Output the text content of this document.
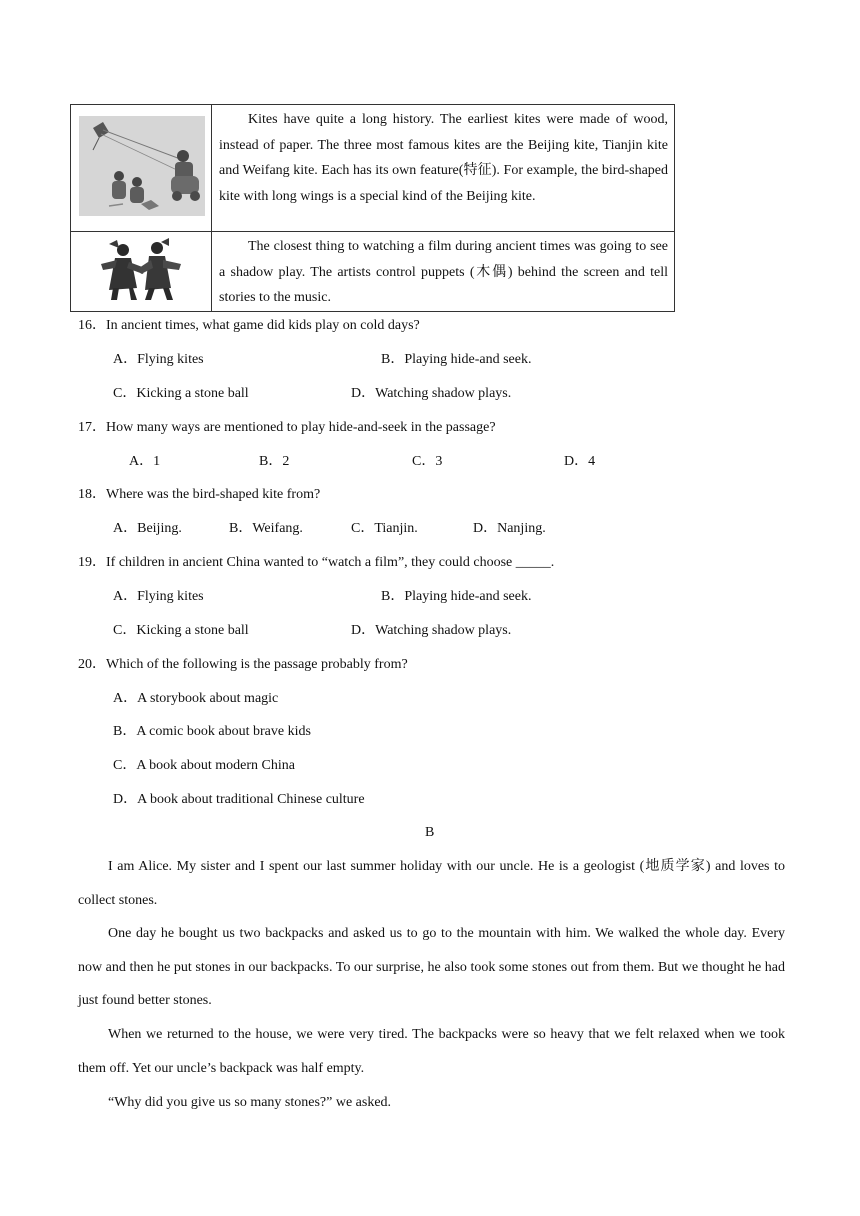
Kites have quite a long history. The earliest kites were made of wood, instead of paper. The three most famous kites are the Beijing kite, Tianjin kite and Weifang kite. Each has its own feature(特征). For example, the bird-shaped kite with long wings is a special kind of the Beijing kite.

The closest thing to watching a film during ancient times was going to see a shadow play. The artists control puppets (木偶) behind the screen and tell stories to the music.

16．In ancient times, what game did kids play on cold days?
A．Flying kites	B．Playing hide-and seek.
C．Kicking a stone ball	D．Watching shadow plays.
17．How many ways are mentioned to play hide-and-seek in the passage?
A．1	B．2	C．3	D．4
18．Where was the bird-shaped kite from?
A．Beijing.	B．Weifang.	C．Tianjin.	D．Nanjing.
19．If children in ancient China wanted to “watch a film”, they could choose _____.
A．Flying kites	B．Playing hide-and seek.
C．Kicking a stone ball	D．Watching shadow plays.
20．Which of the following is the passage probably from?
A．A storybook about magic
B．A comic book about brave kids
C．A book about modern China
D．A book about traditional Chinese culture
B

I am Alice. My sister and I spent our last summer holiday with our uncle. He is a geologist (地质学家) and loves to collect stones.

One day he bought us two backpacks and asked us to go to the mountain with him. We walked the whole day. Every now and then he put stones in our backpacks. To our surprise, he also took some stones out from them. But we thought he had just found better stones.

When we returned to the house, we were very tired. The backpacks were so heavy that we felt relaxed when we took them off. Yet our uncle’s backpack was half empty.

“Why did you give us so many stones?” we asked.
